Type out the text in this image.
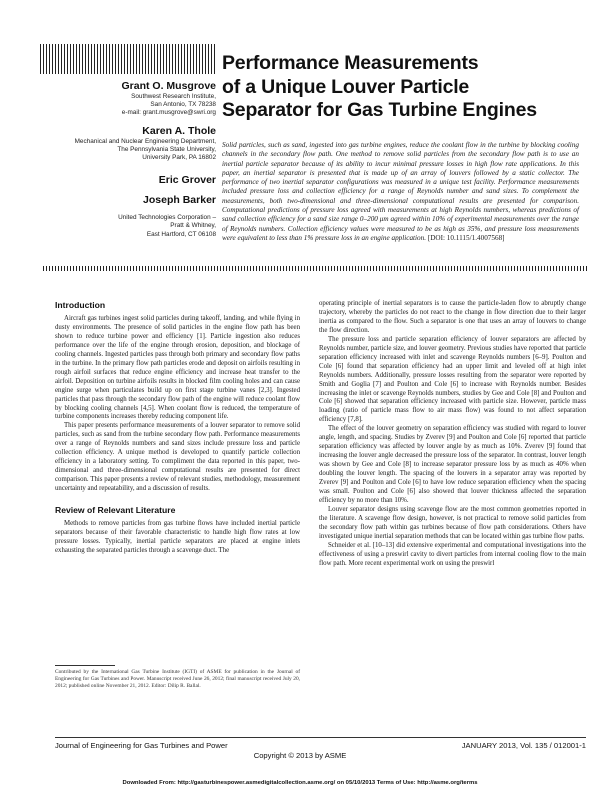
Performance Measurements
of a Unique Louver Particle
Separator for Gas Turbine Engines
Grant O. Musgrove
Southwest Research Institute,
San Antonio, TX 78238
e-mail: grant.musgrove@swri.org
Karen A. Thole
Mechanical and Nuclear Engineering Department,
The Pennsylvania State University,
University Park, PA 16802
Eric Grover
Joseph Barker
United Technologies Corporation –
Pratt & Whitney,
East Hartford, CT 06108
Solid particles, such as sand, ingested into gas turbine engines, reduce the coolant flow in the turbine by blocking cooling channels in the secondary flow path. One method to remove solid particles from the secondary flow path is to use an inertial particle separator because of its ability to incur minimal pressure losses in high flow rate applications. In this paper, an inertial separator is presented that is made up of an array of louvers followed by a static collector. The performance of two inertial separator configurations was measured in a unique test facility. Performance measurements included pressure loss and collection efficiency for a range of Reynolds number and sand sizes. To complement the measurements, both two-dimensional and three-dimensional computational results are presented for comparison. Computational predictions of pressure loss agreed with measurements at high Reynolds numbers, whereas predictions of sand collection efficiency for a sand size range 0–200 μm agreed within 10% of experimental measurements over the range of Reynolds numbers. Collection efficiency values were measured to be as high as 35%, and pressure loss measurements were equivalent to less than 1% pressure loss in an engine application. [DOI: 10.1115/1.4007568]
Introduction

Aircraft gas turbines ingest solid particles during takeoff, landing, and while flying in dusty environments. The presence of solid particles in the engine flow path has been shown to reduce turbine power and efficiency [1]. Particle ingestion also reduces performance over the life of the engine through erosion, deposition, and blockage of cooling channels. Ingested particles pass through both primary and secondary flow paths in the turbine. In the primary flow path particles erode and deposit on airfoils resulting in rough airfoil surfaces that reduce engine efficiency and increase heat transfer to the airfoil. Deposition on turbine airfoils results in blocked film cooling holes and can cause engine surge when particulates build up on first stage turbine vanes [2,3]. Ingested particles that pass through the secondary flow path of the engine will reduce coolant flow by blocking cooling channels [4,5]. When coolant flow is reduced, the temperature of turbine components increases thereby reducing component life.

This paper presents performance measurements of a louver separator to remove solid particles, such as sand from the turbine secondary flow path. Performance measurements over a range of Reynolds numbers and sand sizes include pressure loss and particle collection efficiency. A unique method is developed to quantify particle collection efficiency in a laboratory setting. To compliment the data reported in this paper, two-dimensional and three-dimensional computational results are presented for direct comparison. This paper presents a review of relevant studies, methodology, measurement uncertainty and repeatability, and a discussion of results.

Review of Relevant Literature

Methods to remove particles from gas turbine flows have included inertial particle separators because of their favorable characteristic to handle high flow rates at low pressure losses. Typically, inertial particle separators are placed at engine inlets exhausting the separated particles through a scavenge duct. The

Contributed by the International Gas Turbine Institute (IGTI) of ASME for publication in the Journal of Engineering for Gas Turbines and Power. Manuscript received June 26, 2012; final manuscript received July 20, 2012; published online November 21, 2012. Editor: Dilip R. Ballal.

operating principle of inertial separators is to cause the particle-laden flow to abruptly change trajectory, whereby the particles do not react to the change in flow direction due to their larger inertia as compared to the flow. Such a separator is one that uses an array of louvers to change the flow direction.

The pressure loss and particle separation efficiency of louver separators are affected by Reynolds number, particle size, and louver geometry. Previous studies have reported that particle separation efficiency increased with inlet and scavenge Reynolds numbers [6–9]. Poulton and Cole [6] found that separation efficiency had an upper limit and leveled off at high inlet Reynolds numbers. Additionally, pressure losses resulting from the separator were reported by Smith and Goglia [7] and Poulton and Cole [6] to increase with Reynolds number. Besides increasing the inlet or scavenge Reynolds numbers, studies by Gee and Cole [8] and Poulton and Cole [6] showed that separation efficiency increased with particle size. However, particle mass loading (ratio of particle mass flow to air mass flow) was found to not affect separation efficiency [7,8].

The effect of the louver geometry on separation efficiency was studied with regard to louver angle, length, and spacing. Studies by Zverev [9] and Poulton and Cole [6] reported that particle separation efficiency was affected by louver angle by as much as 10%. Zverev [9] found that increasing the louver angle decreased the pressure loss of the separator. In contrast, louver length was shown by Gee and Cole [8] to increase separator pressure loss by as much as 40% when doubling the louver length. The spacing of the louvers in a separator array was reported by Zverev [9] and Poulton and Cole [6] to have low reduce separation efficiency when the spacing was small. Poulton and Cole [6] also showed that louver thickness affected the separation efficiency by no more than 10%.

Louver separator designs using scavenge flow are the most common geometries reported in the literature. A scavenge flow design, however, is not practical to remove solid particles from the secondary flow path within gas turbines because of flow path considerations. Others have investigated unique inertial separation methods that can be located within gas turbine flow paths.

Schneider et al. [10–13] did extensive experimental and computational investigations into the effectiveness of using a preswirl cavity to divert particles from internal cooling flow to the main flow path. More recent experimental work on using the preswirl

Journal of Engineering for Gas Turbines and Power	JANUARY 2013, Vol. 135 / 012001-1
Copyright © 2013 by ASME
Downloaded From: http://gasturbinespower.asmedigitalcollection.asme.org/ on 05/10/2013 Terms of Use: http://asme.org/terms
